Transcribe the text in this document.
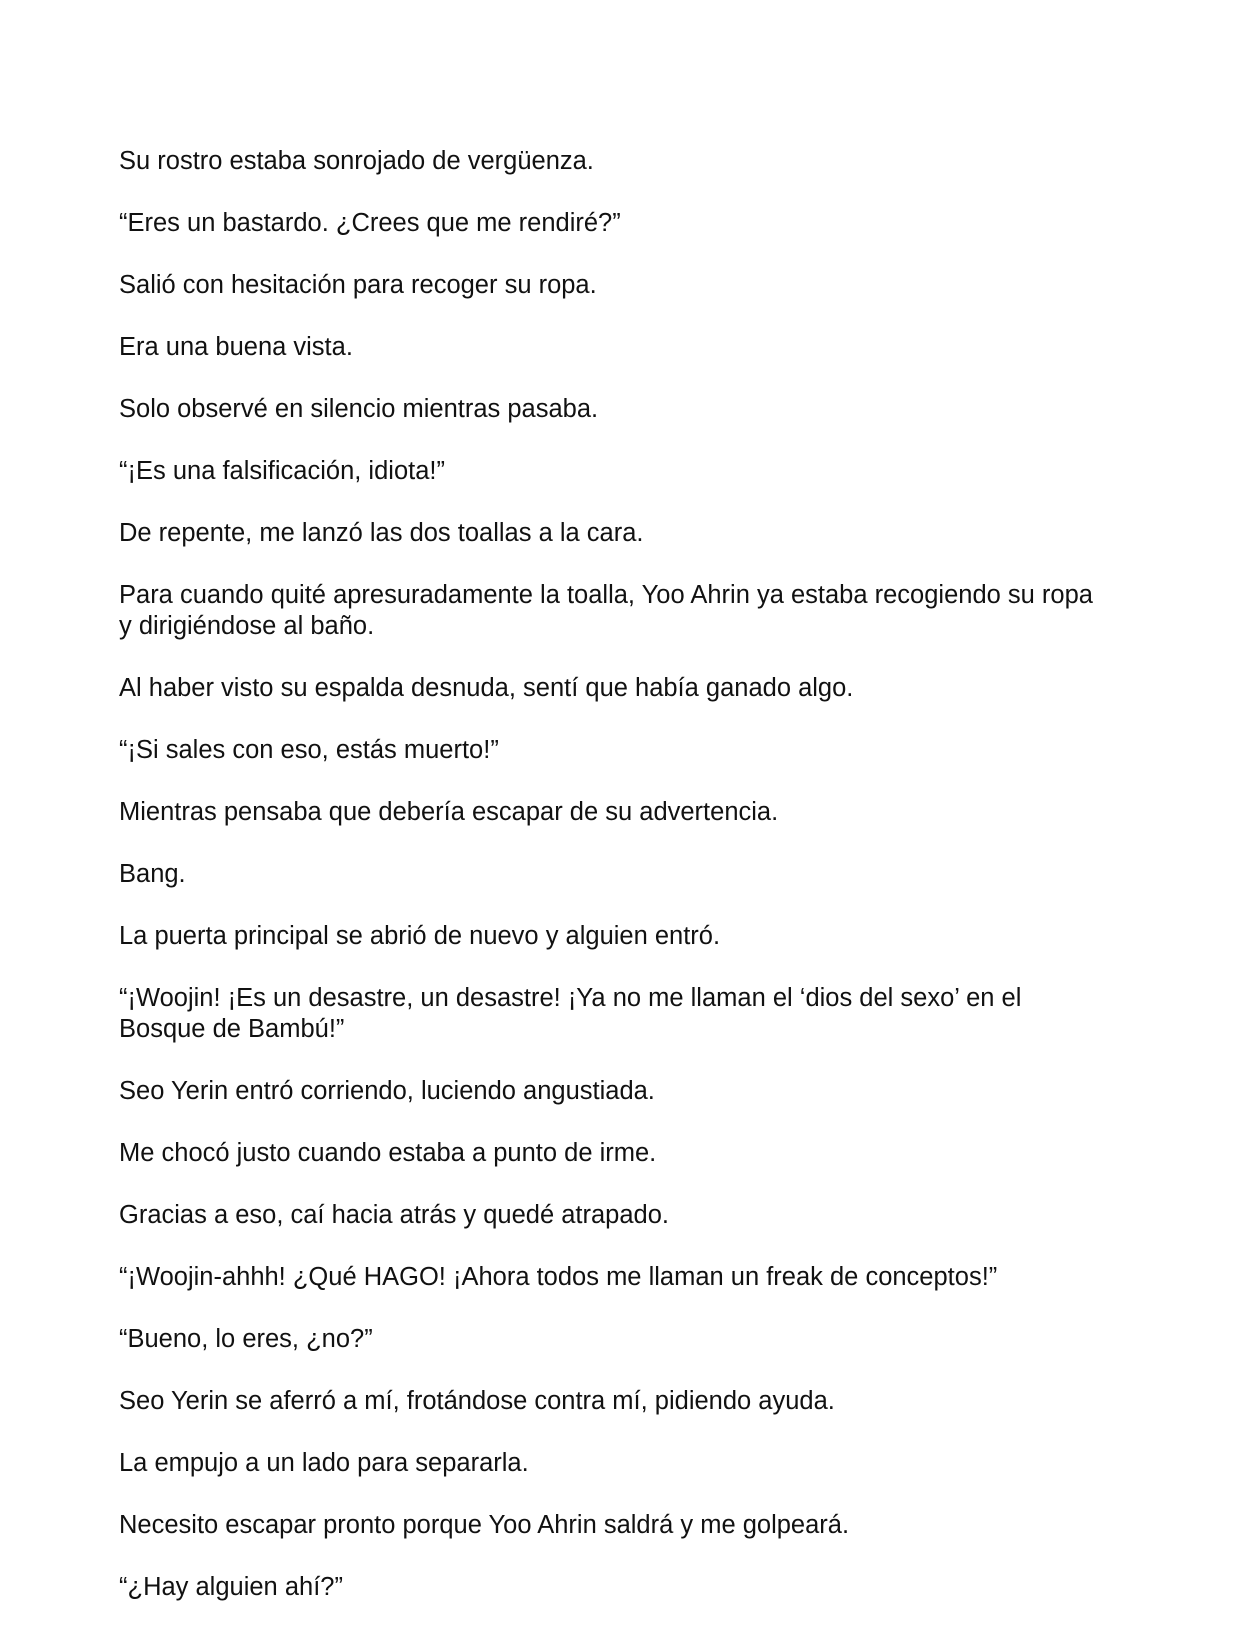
Su rostro estaba sonrojado de vergüenza.

“Eres un bastardo. ¿Crees que me rendiré?”

Salió con hesitación para recoger su ropa.

Era una buena vista.

Solo observé en silencio mientras pasaba.

“¡Es una falsificación, idiota!”

De repente, me lanzó las dos toallas a la cara.

Para cuando quité apresuradamente la toalla, Yoo Ahrin ya estaba recogiendo su ropa y dirigiéndose al baño.

Al haber visto su espalda desnuda, sentí que había ganado algo.

“¡Si sales con eso, estás muerto!”

Mientras pensaba que debería escapar de su advertencia.

Bang.

La puerta principal se abrió de nuevo y alguien entró.

“¡Woojin! ¡Es un desastre, un desastre! ¡Ya no me llaman el ‘dios del sexo’ en el Bosque de Bambú!”

Seo Yerin entró corriendo, luciendo angustiada.

Me chocó justo cuando estaba a punto de irme.

Gracias a eso, caí hacia atrás y quedé atrapado.

“¡Woojin-ahhh! ¿Qué HAGO! ¡Ahora todos me llaman un freak de conceptos!”

“Bueno, lo eres, ¿no?”

Seo Yerin se aferró a mí, frotándose contra mí, pidiendo ayuda.

La empujo a un lado para separarla.

Necesito escapar pronto porque Yoo Ahrin saldrá y me golpeará.

“¿Hay alguien ahí?”
